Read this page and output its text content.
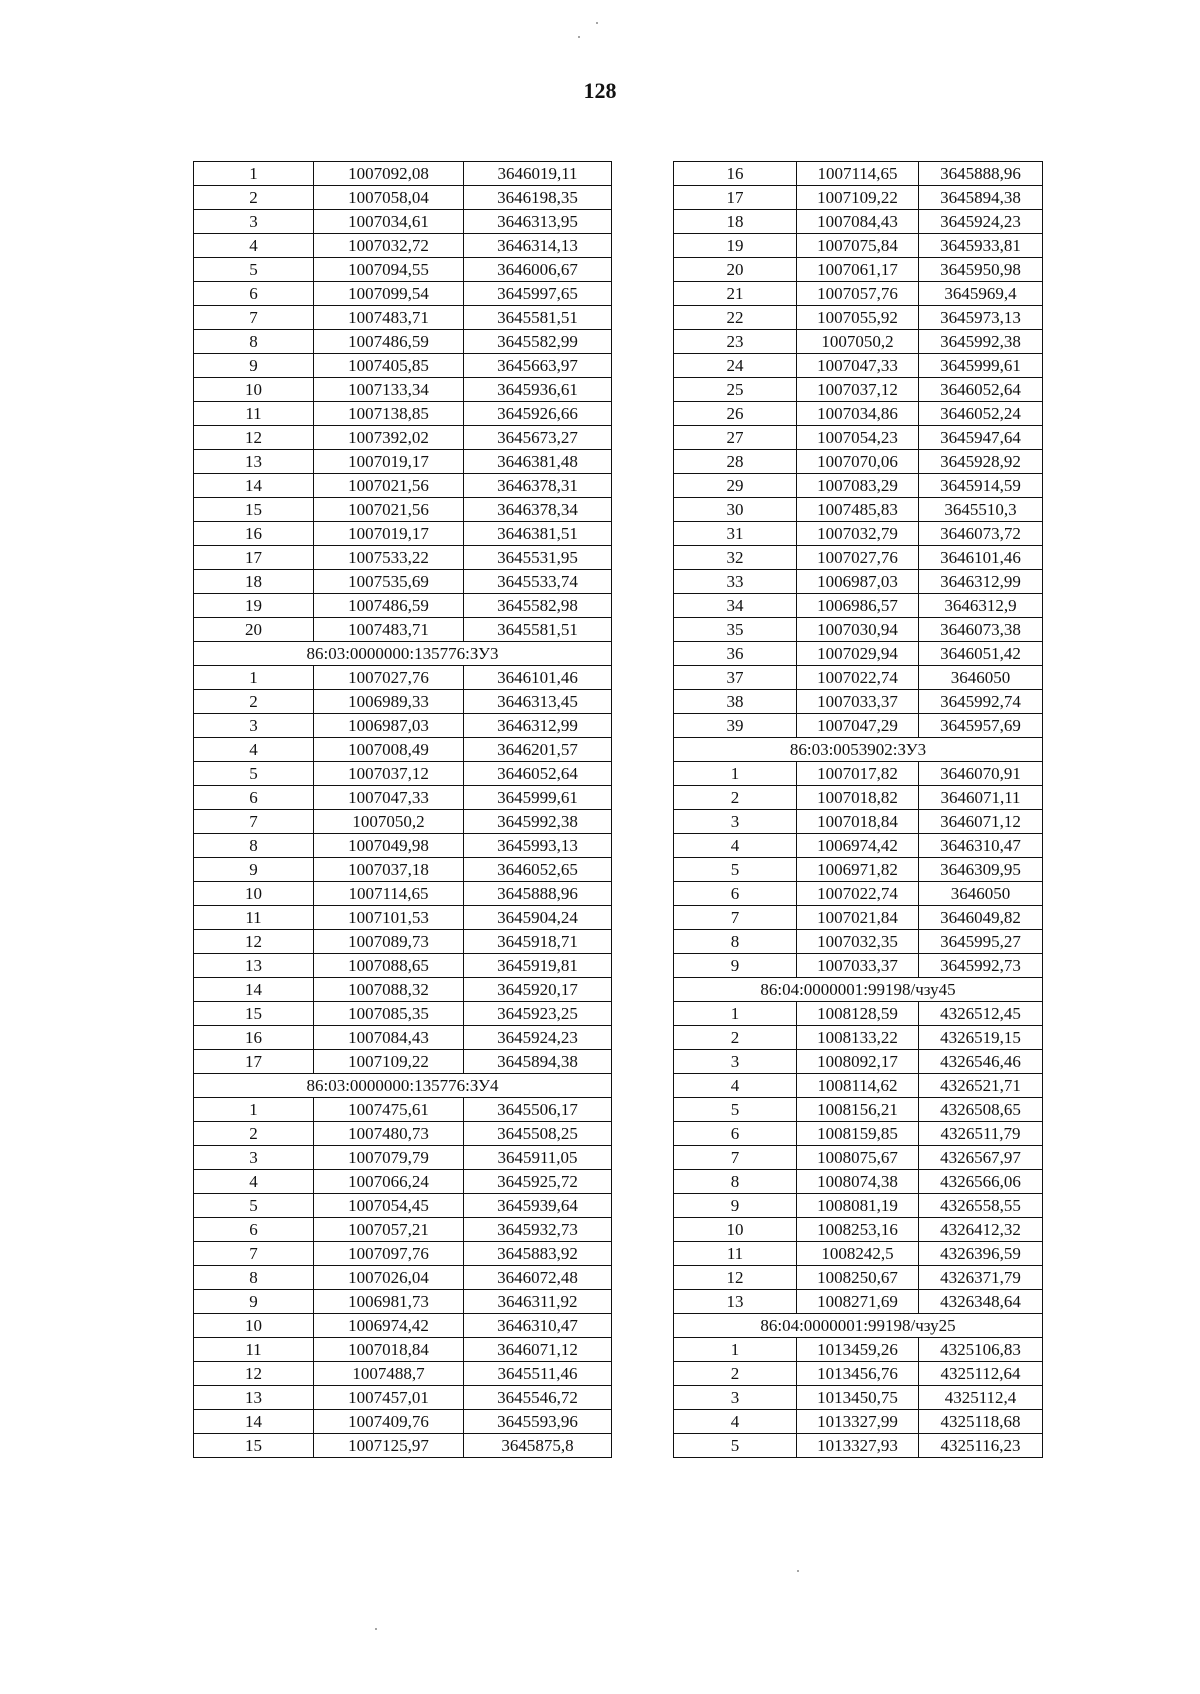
128
1	1007092,08	3646019,11
2	1007058,04	3646198,35
3	1007034,61	3646313,95
4	1007032,72	3646314,13
5	1007094,55	3646006,67
6	1007099,54	3645997,65
7	1007483,71	3645581,51
8	1007486,59	3645582,99
9	1007405,85	3645663,97
10	1007133,34	3645936,61
11	1007138,85	3645926,66
12	1007392,02	3645673,27
13	1007019,17	3646381,48
14	1007021,56	3646378,31
15	1007021,56	3646378,34
16	1007019,17	3646381,51
17	1007533,22	3645531,95
18	1007535,69	3645533,74
19	1007486,59	3645582,98
20	1007483,71	3645581,51
86:03:0000000:135776:ЗУ3		
1	1007027,76	3646101,46
2	1006989,33	3646313,45
3	1006987,03	3646312,99
4	1007008,49	3646201,57
5	1007037,12	3646052,64
6	1007047,33	3645999,61
7	1007050,2	3645992,38
8	1007049,98	3645993,13
9	1007037,18	3646052,65
10	1007114,65	3645888,96
11	1007101,53	3645904,24
12	1007089,73	3645918,71
13	1007088,65	3645919,81
14	1007088,32	3645920,17
15	1007085,35	3645923,25
16	1007084,43	3645924,23
17	1007109,22	3645894,38
86:03:0000000:135776:ЗУ4		
1	1007475,61	3645506,17
2	1007480,73	3645508,25
3	1007079,79	3645911,05
4	1007066,24	3645925,72
5	1007054,45	3645939,64
6	1007057,21	3645932,73
7	1007097,76	3645883,92
8	1007026,04	3646072,48
9	1006981,73	3646311,92
10	1006974,42	3646310,47
11	1007018,84	3646071,12
12	1007488,7	3645511,46
13	1007457,01	3645546,72
14	1007409,76	3645593,96
15	1007125,97	3645875,8
16	1007114,65	3645888,96
17	1007109,22	3645894,38
18	1007084,43	3645924,23
19	1007075,84	3645933,81
20	1007061,17	3645950,98
21	1007057,76	3645969,4
22	1007055,92	3645973,13
23	1007050,2	3645992,38
24	1007047,33	3645999,61
25	1007037,12	3646052,64
26	1007034,86	3646052,24
27	1007054,23	3645947,64
28	1007070,06	3645928,92
29	1007083,29	3645914,59
30	1007485,83	3645510,3
31	1007032,79	3646073,72
32	1007027,76	3646101,46
33	1006987,03	3646312,99
34	1006986,57	3646312,9
35	1007030,94	3646073,38
36	1007029,94	3646051,42
37	1007022,74	3646050
38	1007033,37	3645992,74
39	1007047,29	3645957,69
86:03:0053902:ЗУ3		
1	1007017,82	3646070,91
2	1007018,82	3646071,11
3	1007018,84	3646071,12
4	1006974,42	3646310,47
5	1006971,82	3646309,95
6	1007022,74	3646050
7	1007021,84	3646049,82
8	1007032,35	3645995,27
9	1007033,37	3645992,73
86:04:0000001:99198/чзу45		
1	1008128,59	4326512,45
2	1008133,22	4326519,15
3	1008092,17	4326546,46
4	1008114,62	4326521,71
5	1008156,21	4326508,65
6	1008159,85	4326511,79
7	1008075,67	4326567,97
8	1008074,38	4326566,06
9	1008081,19	4326558,55
10	1008253,16	4326412,32
11	1008242,5	4326396,59
12	1008250,67	4326371,79
13	1008271,69	4326348,64
86:04:0000001:99198/чзу25		
1	1013459,26	4325106,83
2	1013456,76	4325112,64
3	1013450,75	4325112,4
4	1013327,99	4325118,68
5	1013327,93	4325116,23
